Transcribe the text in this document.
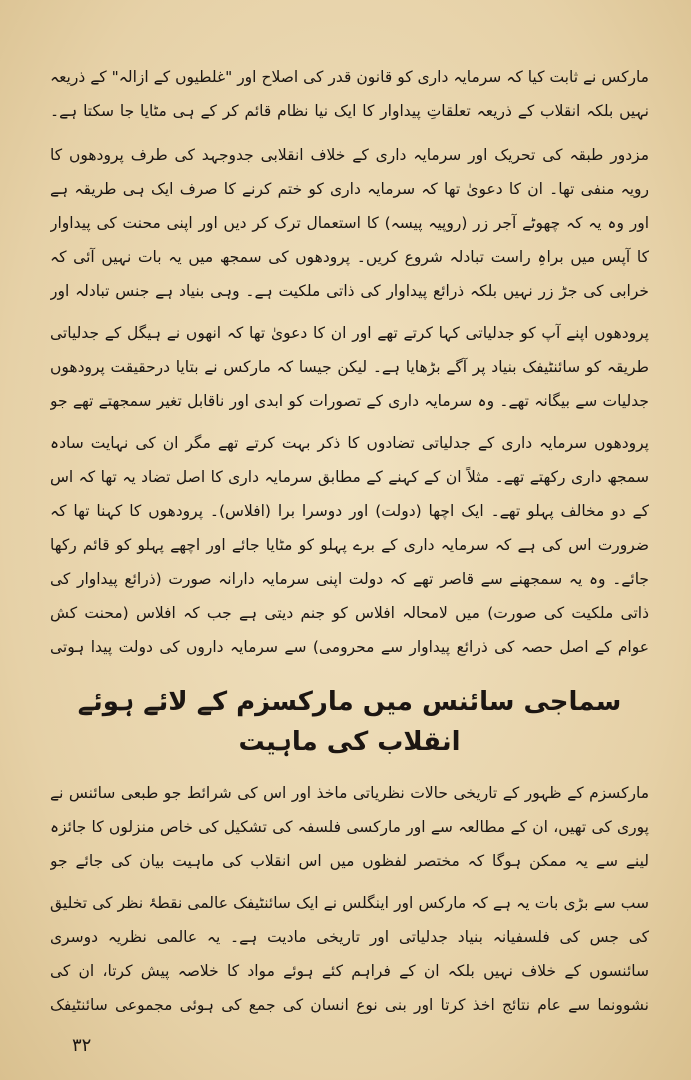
مارکس نے ثابت کیا کہ سرمایہ داری کو قانون قدر کی اصلاح اور "غلطیوں کے ازالہ" کے ذریعہ نہیں بلکہ انقلاب کے ذریعہ تعلقاتِ پیداوار کا ایک نیا نظام قائم کر کے ہی مٹایا جا سکتا ہے۔

مزدور طبقہ کی تحریک اور سرمایہ داری کے خلاف انقلابی جدوجہد کی طرف پرودھوں کا رویہ منفی تھا۔ ان کا دعویٰ تھا کہ سرمایہ داری کو ختم کرنے کا صرف ایک ہی طریقہ ہے اور وہ یہ کہ چھوٹے آجر زر (روپیہ پیسہ) کا استعمال ترک کر دیں اور اپنی محنت کی پیداوار کا آپس میں براہِ راست تبادلہ شروع کریں۔ پرودھوں کی سمجھ میں یہ بات نہیں آئی کہ خرابی کی جڑ زر نہیں بلکہ ذرائع پیداوار کی ذاتی ملکیت ہے۔ وہی بنیاد ہے جنس تبادلہ اور

پرودھوں اپنے آپ کو جدلیاتی کہا کرتے تھے اور ان کا دعویٰ تھا کہ انھوں نے ہیگل کے جدلیاتی طریقہ کو سائنٹیفک بنیاد پر آگے بڑھایا ہے۔ لیکن جیسا کہ مارکس نے بتایا درحقیقت پرودھوں جدلیات سے بیگانہ تھے۔ وہ سرمایہ داری کے تصورات کو ابدی اور ناقابل تغیر سمجھتے تھے جو

پرودھوں سرمایہ داری کے جدلیاتی تضادوں کا ذکر بہت کرتے تھے مگر ان کی نہایت سادہ سمجھ داری رکھتے تھے۔ مثلاً ان کے کہنے کے مطابق سرمایہ داری کا اصل تضاد یہ تھا کہ اس کے دو مخالف پہلو تھے۔ ایک اچھا (دولت) اور دوسرا برا (افلاس)۔ پرودھوں کا کہنا تھا کہ ضرورت اس کی ہے کہ سرمایہ داری کے برے پہلو کو مٹایا جائے اور اچھے پہلو کو قائم رکھا جائے۔ وہ یہ سمجھنے سے قاصر تھے کہ دولت اپنی سرمایہ دارانہ صورت (ذرائع پیداوار کی ذاتی ملکیت کی صورت) میں لامحالہ افلاس کو جنم دیتی ہے جب کہ افلاس (محنت کش عوام کے اصل حصہ کی ذرائع پیداوار سے محرومی) سے سرمایہ داروں کی دولت پیدا ہوتی

سماجی سائنس میں مارکسزم کے لائے ہوئے انقلاب کی ماہیت

مارکسزم کے ظہور کے تاریخی حالات نظریاتی ماخذ اور اس کی شرائط جو طبعی سائنس نے پوری کی تھیں، ان کے مطالعہ سے اور مارکسی فلسفہ کی تشکیل کی خاص منزلوں کا جائزہ لینے سے یہ ممکن ہوگا کہ مختصر لفظوں میں اس انقلاب کی ماہیت بیان کی جائے جو

سب سے بڑی بات یہ ہے کہ مارکس اور اینگلس نے ایک سائنٹیفک عالمی نقطۂ نظر کی تخلیق کی جس کی فلسفیانہ بنیاد جدلیاتی اور تاریخی مادیت ہے۔ یہ عالمی نظریہ دوسری سائنسوں کے خلاف نہیں بلکہ ان کے فراہم کئے ہوئے مواد کا خلاصہ پیش کرتا، ان کی نشوونما سے عام نتائج اخذ کرتا اور بنی نوع انسان کی جمع کی ہوئی مجموعی سائنٹیفک

۳۲
